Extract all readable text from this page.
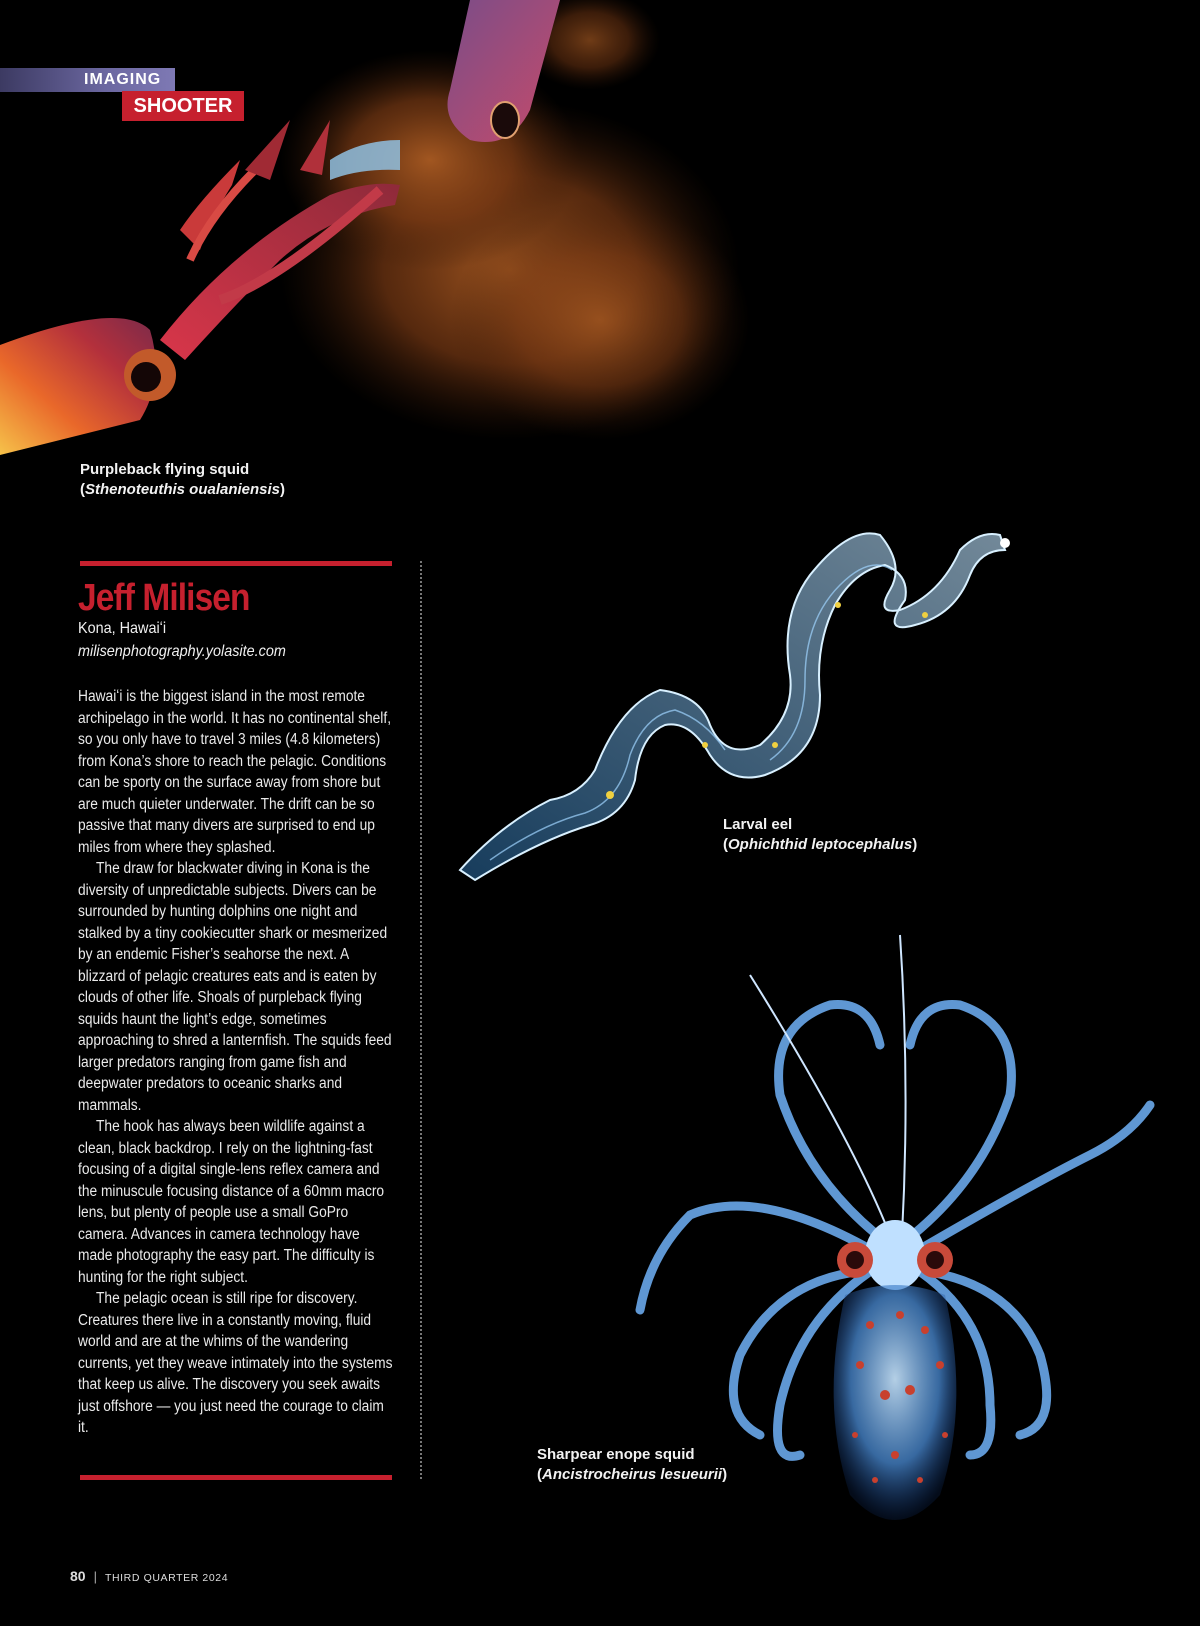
Purpleback flying squid
(Sthenoteuthis oualaniensis)
IMAGING
SHOOTER
Larval eel
(Ophichthid leptocephalus)
Sharpear enope squid
(Ancistrocheirus lesueurii)
Jeff Milisen
Kona, Hawaiʻi
milisenphotography.yolasite.com

Hawaiʻi is the biggest island in the most remote archipelago in the world. It has no continental shelf, so you only have to travel 3 miles (4.8 kilometers) from Kona’s shore to reach the pelagic. Conditions can be sporty on the surface away from shore but are much quieter underwater. The drift can be so passive that many divers are surprised to end up miles from where they splashed.

The draw for blackwater diving in Kona is the diversity of unpredictable subjects. Divers can be surrounded by hunting dolphins one night and stalked by a tiny cookiecutter shark or mesmerized by an endemic Fisher’s seahorse the next. A blizzard of pelagic creatures eats and is eaten by clouds of other life. Shoals of purpleback flying squids haunt the light’s edge, sometimes approaching to shred a lanternfish. The squids feed larger predators ranging from game fish and deepwater predators to oceanic sharks and mammals.

The hook has always been wildlife against a clean, black backdrop. I rely on the lightning-fast focusing of a digital single-lens reflex camera and the minuscule focusing distance of a 60mm macro lens, but plenty of people use a small GoPro camera. Advances in camera technology have made photography the easy part. The difficulty is hunting for the right subject.

The pelagic ocean is still ripe for discovery. Creatures there live in a constantly moving, fluid world and are at the whims of the wandering currents, yet they weave intimately into the systems that keep us alive. The discovery you seek awaits just offshore — you just need the courage to claim it.

80 | THIRD QUARTER 2024
